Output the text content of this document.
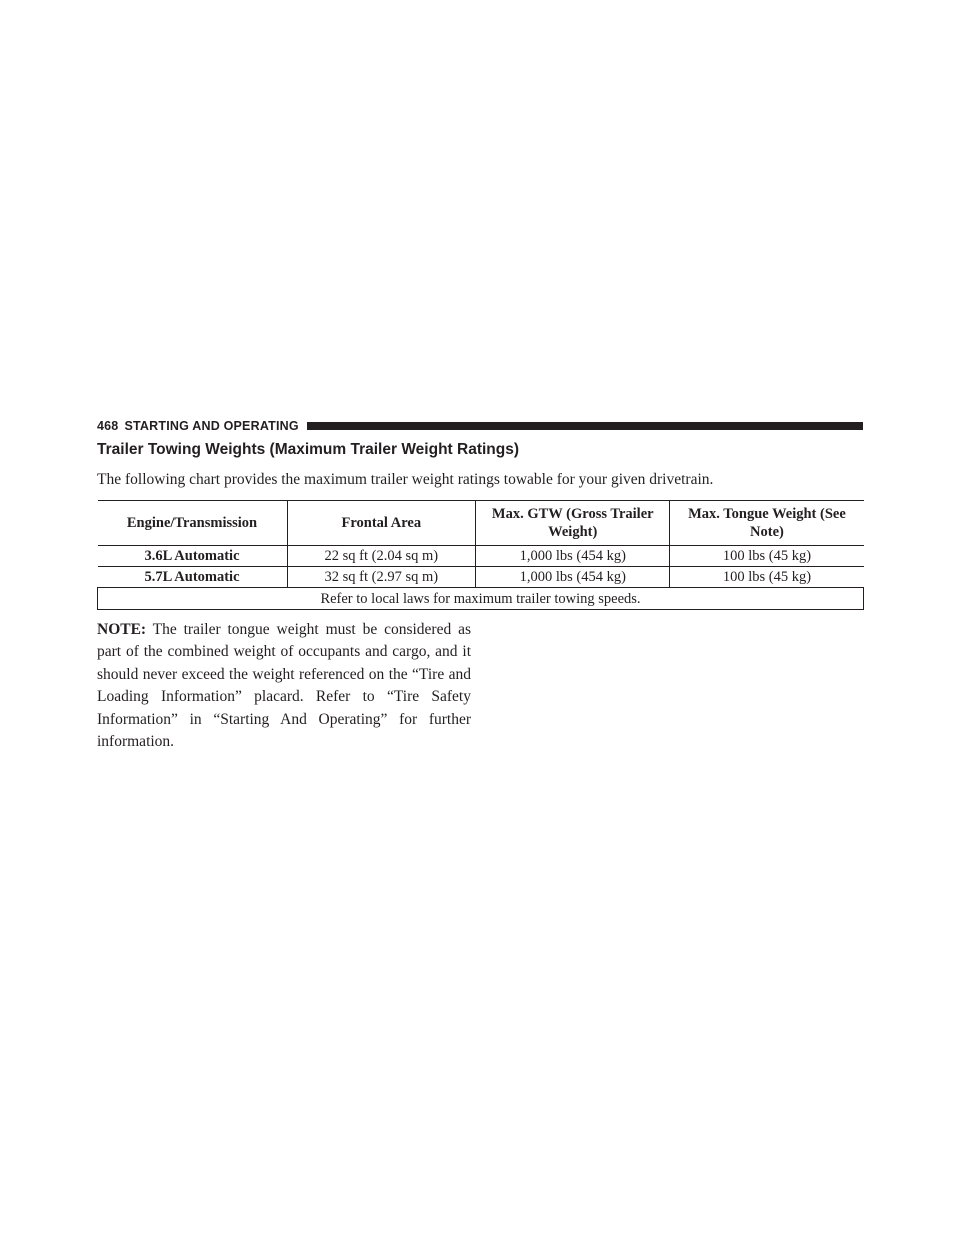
468 STARTING AND OPERATING
Trailer Towing Weights (Maximum Trailer Weight Ratings)
The following chart provides the maximum trailer weight ratings towable for your given drivetrain.
Engine/Transmission	Frontal Area	Max. GTW (Gross Trailer Weight)	Max. Tongue Weight (See Note)
3.6L Automatic	22 sq ft (2.04 sq m)	1,000 lbs (454 kg)	100 lbs (45 kg)
5.7L Automatic	32 sq ft (2.97 sq m)	1,000 lbs (454 kg)	100 lbs (45 kg)
Refer to local laws for maximum trailer towing speeds.			
NOTE: The trailer tongue weight must be considered as part of the combined weight of occupants and cargo, and it should never exceed the weight referenced on the “Tire and Loading Information” placard. Refer to “Tire Safety Information” in “Starting And Operating” for further information.
